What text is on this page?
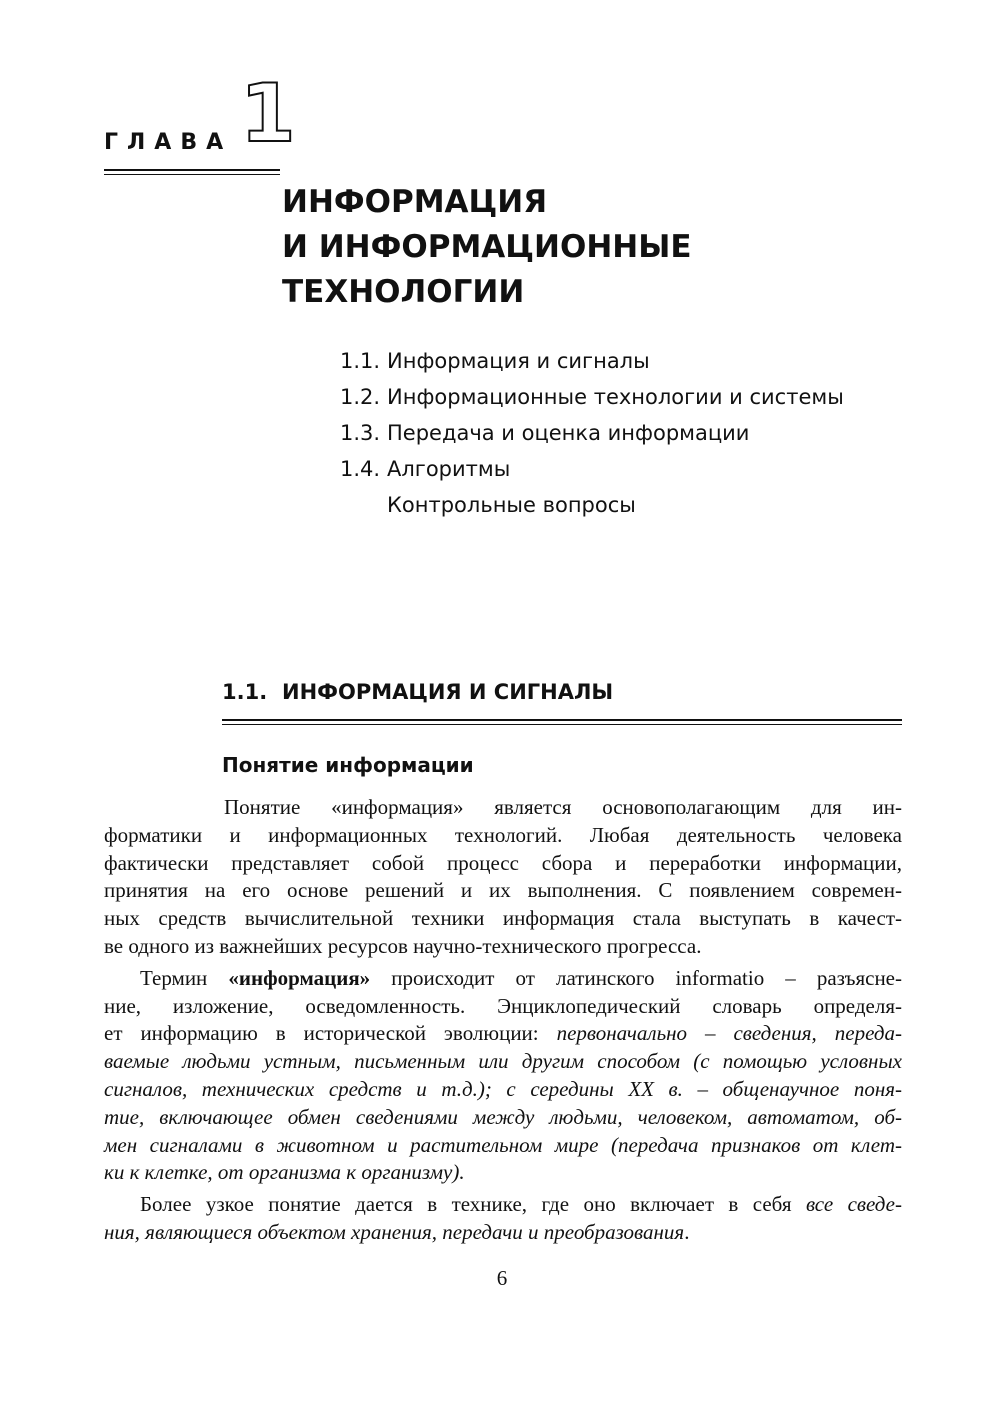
ГЛАВА 1
ИНФОРМАЦИЯ
И ИНФОРМАЦИОННЫЕ
ТЕХНОЛОГИИ
1.1. Информация и сигналы
1.2. Информационные технологии и системы
1.3. Передача и оценка информации
1.4. Алгоритмы
Контрольные вопросы
1.1. ИНФОРМАЦИЯ И СИГНАЛЫ
Понятие информации
Понятие «информация» является основополагающим для ин-
форматики и информационных технологий. Любая деятельность человека
фактически представляет собой процесс сбора и переработки информации,
принятия на его основе решений и их выполнения. С появлением современ-
ных средств вычислительной техники информация стала выступать в качест-
ве одного из важнейших ресурсов научно-технического прогресса.
Термин «информация» происходит от латинского informatio – разъясне-
ние, изложение, осведомленность. Энциклопедический словарь определя-
ет информацию в исторической эволюции: первоначально – сведения, переда-
ваемые людьми устным, письменным или другим способом (с помощью условных
сигналов, технических средств и т.д.); с середины XX в. – общенаучное поня-
тие, включающее обмен сведениями между людьми, человеком, автоматом, об-
мен сигналами в животном и растительном мире (передача признаков от клет-
ки к клетке, от организма к организму).
Более узкое понятие дается в технике, где оно включает в себя все сведе-
ния, являющиеся объектом хранения, передачи и преобразования.
6
